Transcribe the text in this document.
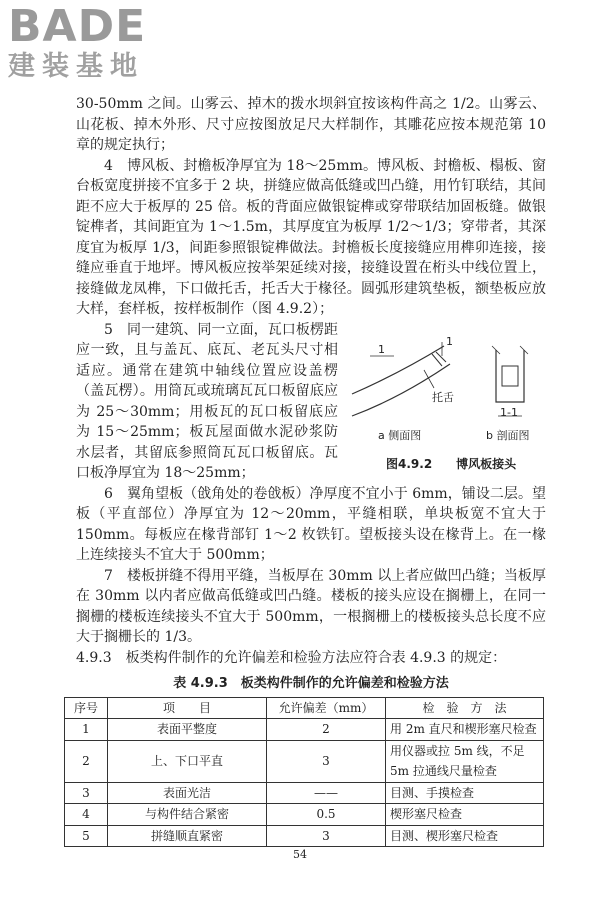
BADE
建装基地

30-50mm 之间。山雾云、掉木的拨水坝斜宜按该构件高之 1/2。山雾云、山花板、掉木外形、尺寸应按图放足尺大样制作，其雕花应按本规范第 10 章的规定执行；

4　博风板、封檐板净厚宜为 18～25mm。博风板、封檐板、榻板、窗台板宽度拼接不宜多于 2 块，拼缝应做高低缝或凹凸缝，用竹钉联结，其间距不应大于板厚的 25 倍。板的背面应做银锭榫或穿带联结加固板缝。做银锭榫者，其间距宜为 1～1.5m，其厚度宜为板厚 1/2～1/3；穿带者，其深度宜为板厚 1/3，间距参照银锭榫做法。封檐板长度接缝应用榫卯连接，接缝应垂直于地坪。博风板应按举架延续对接，接缝设置在桁头中线位置上，接缝做龙凤榫，下口做托舌，托舌大于椽径。圆弧形建筑垫板，额垫板应放大样，套样板，按样板制作（图 4.9.2）；

5　同一建筑、同一立面，瓦口板楞距应一致，且与盖瓦、底瓦、老瓦头尺寸相适应。通常在建筑中轴线位置应设盖楞（盖瓦楞）。用筒瓦或琉璃瓦瓦口板留底应为 25～30mm；用板瓦的瓦口板留底应为 15～25mm；板瓦屋面做水泥砂浆防水层者，其留底参照筒瓦瓦口板留底。瓦口板净厚宜为 18～25mm；

1
1
托舌
1-1
a 侧面图	b 剖面图
图4.9.2　　博风板接头

6　翼角望板（戗角处的卷戗板）净厚度不宜小于 6mm，铺设二层。望板（平直部位）净厚宜为 12～20mm，平缝相联，单块板宽不宜大于 150mm。每板应在椽背部钉 1～2 枚铁钉。望板接头设在椽背上。在一椽上连续接头不宜大于 500mm；

7　楼板拼缝不得用平缝，当板厚在 30mm 以上者应做凹凸缝；当板厚在 30mm 以内者应做高低缝或凹凸缝。楼板的接头应设在搁栅上，在同一搁栅的楼板连续接头不宜大于 500mm，一根搁栅上的楼板接头总长度不应大于搁栅长的 1/3。

4.9.3　板类构件制作的允许偏差和检验方法应符合表 4.9.3 的规定：

表 4.9.3　板类构件制作的允许偏差和检验方法
序号	项　　目	允许偏差（mm）	检　验　方　法
1	表面平整度	2	用 2m 直尺和楔形塞尺检查
2	上、下口平直	3	用仪器或拉 5m 线，不足 5m 拉通线尺量检查
3	表面光洁	——	目测、手摸检查
4	与构件结合紧密	0.5	楔形塞尺检查
5	拼缝顺直紧密	3	目测、楔形塞尺检查
54
